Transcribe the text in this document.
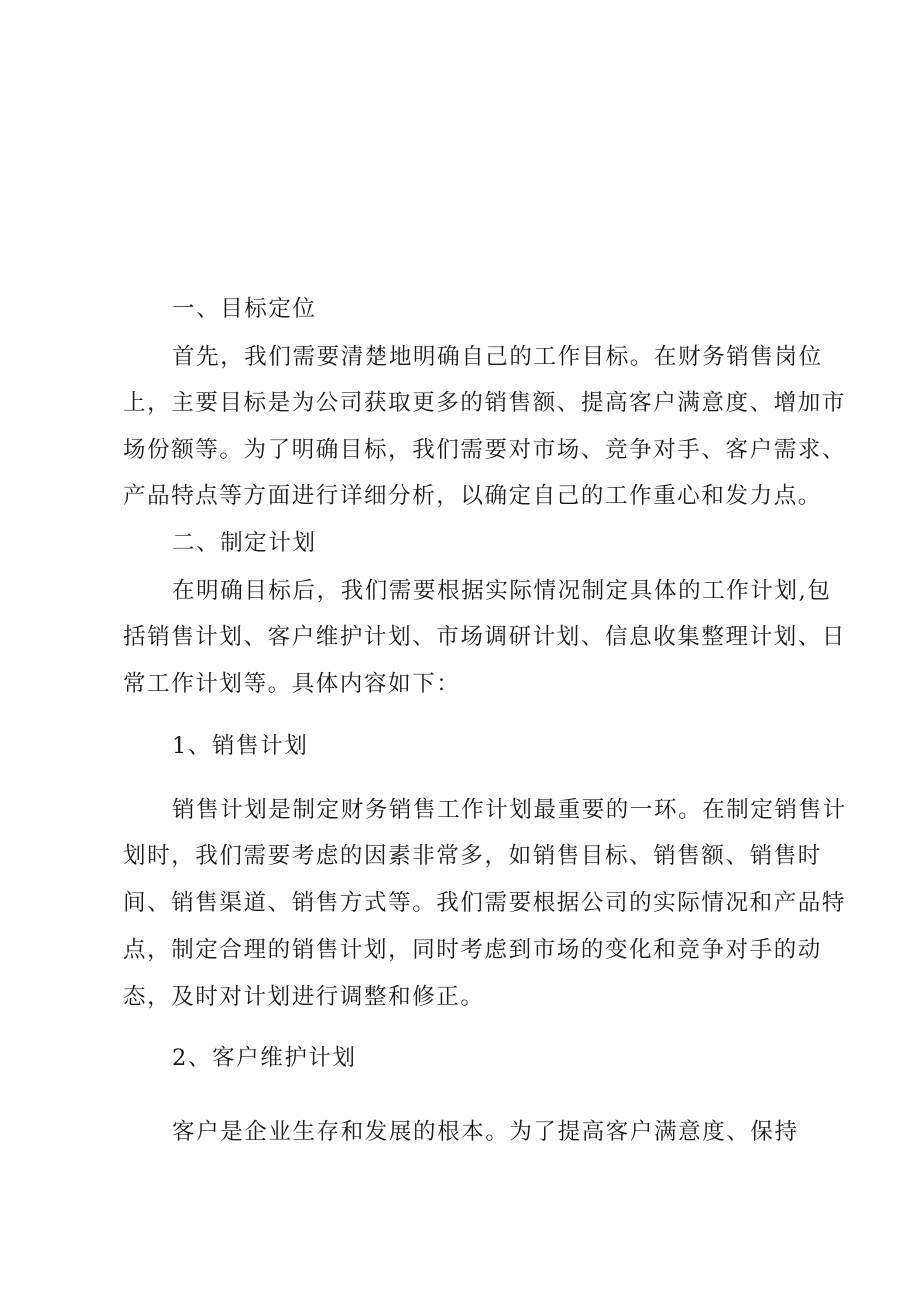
一、目标定位
首先，我们需要清楚地明确自己的工作目标。在财务销售岗位
上，主要目标是为公司获取更多的销售额、提高客户满意度、增加市
场份额等。为了明确目标，我们需要对市场、竞争对手、客户需求、
产品特点等方面进行详细分析，以确定自己的工作重心和发力点。
二、制定计划
在明确目标后，我们需要根据实际情况制定具体的工作计划,包
括销售计划、客户维护计划、市场调研计划、信息收集整理计划、日
常工作计划等。具体内容如下：
1、销售计划
销售计划是制定财务销售工作计划最重要的一环。在制定销售计
划时，我们需要考虑的因素非常多，如销售目标、销售额、销售时
间、销售渠道、销售方式等。我们需要根据公司的实际情况和产品特
点，制定合理的销售计划，同时考虑到市场的变化和竞争对手的动
态，及时对计划进行调整和修正。
2、客户维护计划
客户是企业生存和发展的根本。为了提高客户满意度、保持
